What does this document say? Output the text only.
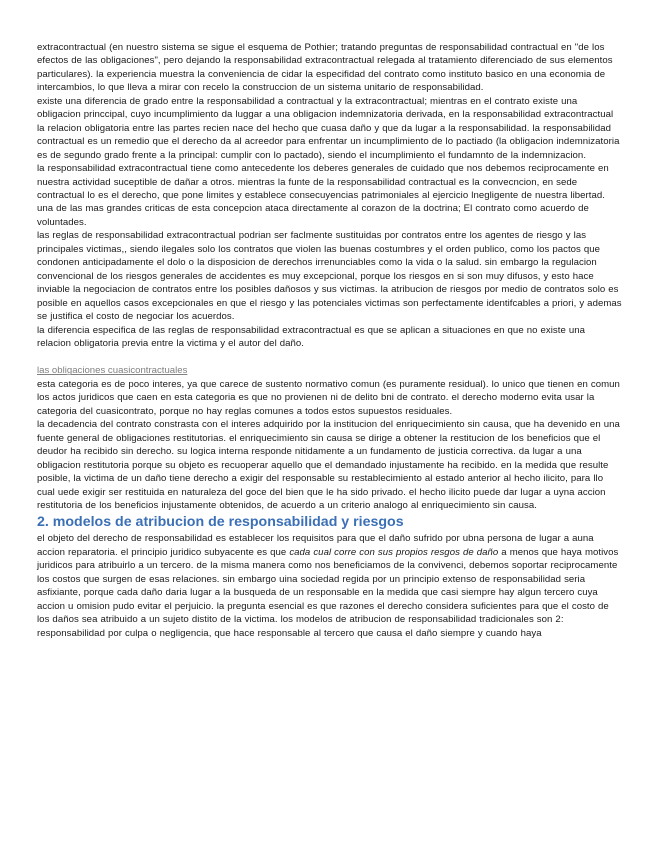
extracontractual (en nuestro sistema se sigue el esquema de Pothier; tratando preguntas de responsabilidad contractual en "de los efectos de las obligaciones", pero dejando la responsabilidad extracontractual relegada al tratamiento diferenciado de sus elementos particulares). la experiencia muestra la conveniencia de cidar la especifidad del contrato como instituto basico en una economia de intercambios, lo que lleva a mirar con recelo la construccion de un sistema unitario de responsabilidad.

existe una diferencia de grado entre la responsabilidad a contractual y la extracontractual; mientras en el contrato existe una obligacion princcipal, cuyo incumplimiento da luggar a una obligacion indemnizatoria derivada, en la responsabilidad extracontractual la relacion obligatoria entre las partes recien nace del hecho que cuasa daño y que da lugar a la responsabilidad. la responsabilidad contractual es un remedio que el derecho da al acreedor para enfrentar un incumplimiento de lo pactiado (la obligacion indemnizatoria es de segundo grado frente a la principal: cumplir con lo pactado), siendo el incumplimiento el fundamnto de la indemnizacion.

la responsabilidad extracontractual tiene como antecedente los deberes generales de cuidado que nos debemos reciprocamente en nuestra actividad suceptible de dañar a otros. mientras la funte de la responsabilidad contractual es la convecncion, en sede contractual lo es el derecho, que pone limites y establece consecuyencias patrimoniales al ejercicio lnegligente de nuestra libertad.

una de las mas grandes criticas de esta concepcion ataca directamente al corazon de la doctrina; El contrato como acuerdo de voluntades.

las reglas de responsabilidad extracontractual podrian ser faclmente sustituidas por contratos entre los agentes de riesgo y las principales victimas,, siendo ilegales solo los contratos que violen las buenas costumbres y el orden publico, como los pactos que condonen anticipadamente el dolo o la disposicion de derechos irrenunciables como la vida o la salud. sin embargo la regulacion convencional de los riesgos generales de accidentes es muy excepcional, porque los riesgos en si son muy difusos, y esto hace inviable la negociacion de contratos entre los posibles dañosos y sus victimas. la atribucion de riesgos por medio de contratos solo es posible en aquellos casos excepcionales en que el riesgo y las potenciales victimas son perfectamente identifcables a priori, y ademas se justifica el costo de negociar los acuerdos.

la diferencia especifica de las reglas de responsabilidad extracontractual es que se aplican a situaciones en que no existe una relacion obligatoria previa entre la victima y el autor del daño.

las obligaciones cuasicontractuales

esta categoria es de poco interes, ya que carece de sustento normativo comun (es puramente residual). lo unico que tienen en comun los actos juridicos que caen en esta categoria es que no provienen ni de delito bni de contrato. el derecho moderno evita usar la categoria del cuasicontrato, porque no hay reglas comunes a todos estos supuestos residuales.

la decadencia del contrato constrasta con el interes adquirido por la institucion del enriquecimiento sin causa, que ha devenido en una fuente general de obligaciones restitutorias. el enriquecimiento sin causa se dirige a obtener la restitucion de los beneficios que el deudor ha recibido sin derecho. su logica interna responde nitidamente a un fundamento de justicia correctiva. da lugar a una obligacion restitutoria porque su objeto es recuoperar aquello que el demandado injustamente ha recibido. en la medida que resulte posible, la victima de un daño tiene derecho a exigir del responsable su restablecimiento al estado anterior al hecho ilicito, para llo cual uede exigir ser restituida en naturaleza del goce del bien que le ha sido privado. el hecho ilicito puede dar lugar a uyna accion restitutoria de los beneficios injustamente obtenidos, de acuerdo a un criterio analogo al enriquecimiento sin causa.

2. modelos de atribucion de responsabilidad y riesgos

el objeto del derecho de responsabilidad es establecer los requisitos para que el daño sufrido por ubna persona de lugar a auna accion reparatoria. el principio juridico subyacente es que cada cual corre con sus propios resgos de daño a menos que haya motivos juridicos para atribuirlo a un tercero. de la misma manera como nos beneficiamos de la convivenci, debemos soportar reciprocamente los costos que surgen de esas relaciones. sin embargo uina sociedad regida por un principio extenso de responsabilidad seria asfixiante, porque cada daño daria lugar a la busqueda de un responsable en la medida que casi siempre hay algun tercero cuya accion u omision pudo evitar el perjuicio. la pregunta esencial es que razones el derecho considera suficientes para que el costo de los daños sea atribuido a un sujeto distito de la victima. los modelos de atribucion de responsabilidad tradicionales son 2: responsabilidad por culpa o negligencia, que hace responsable al tercero que causa el daño siempre y cuando haya
